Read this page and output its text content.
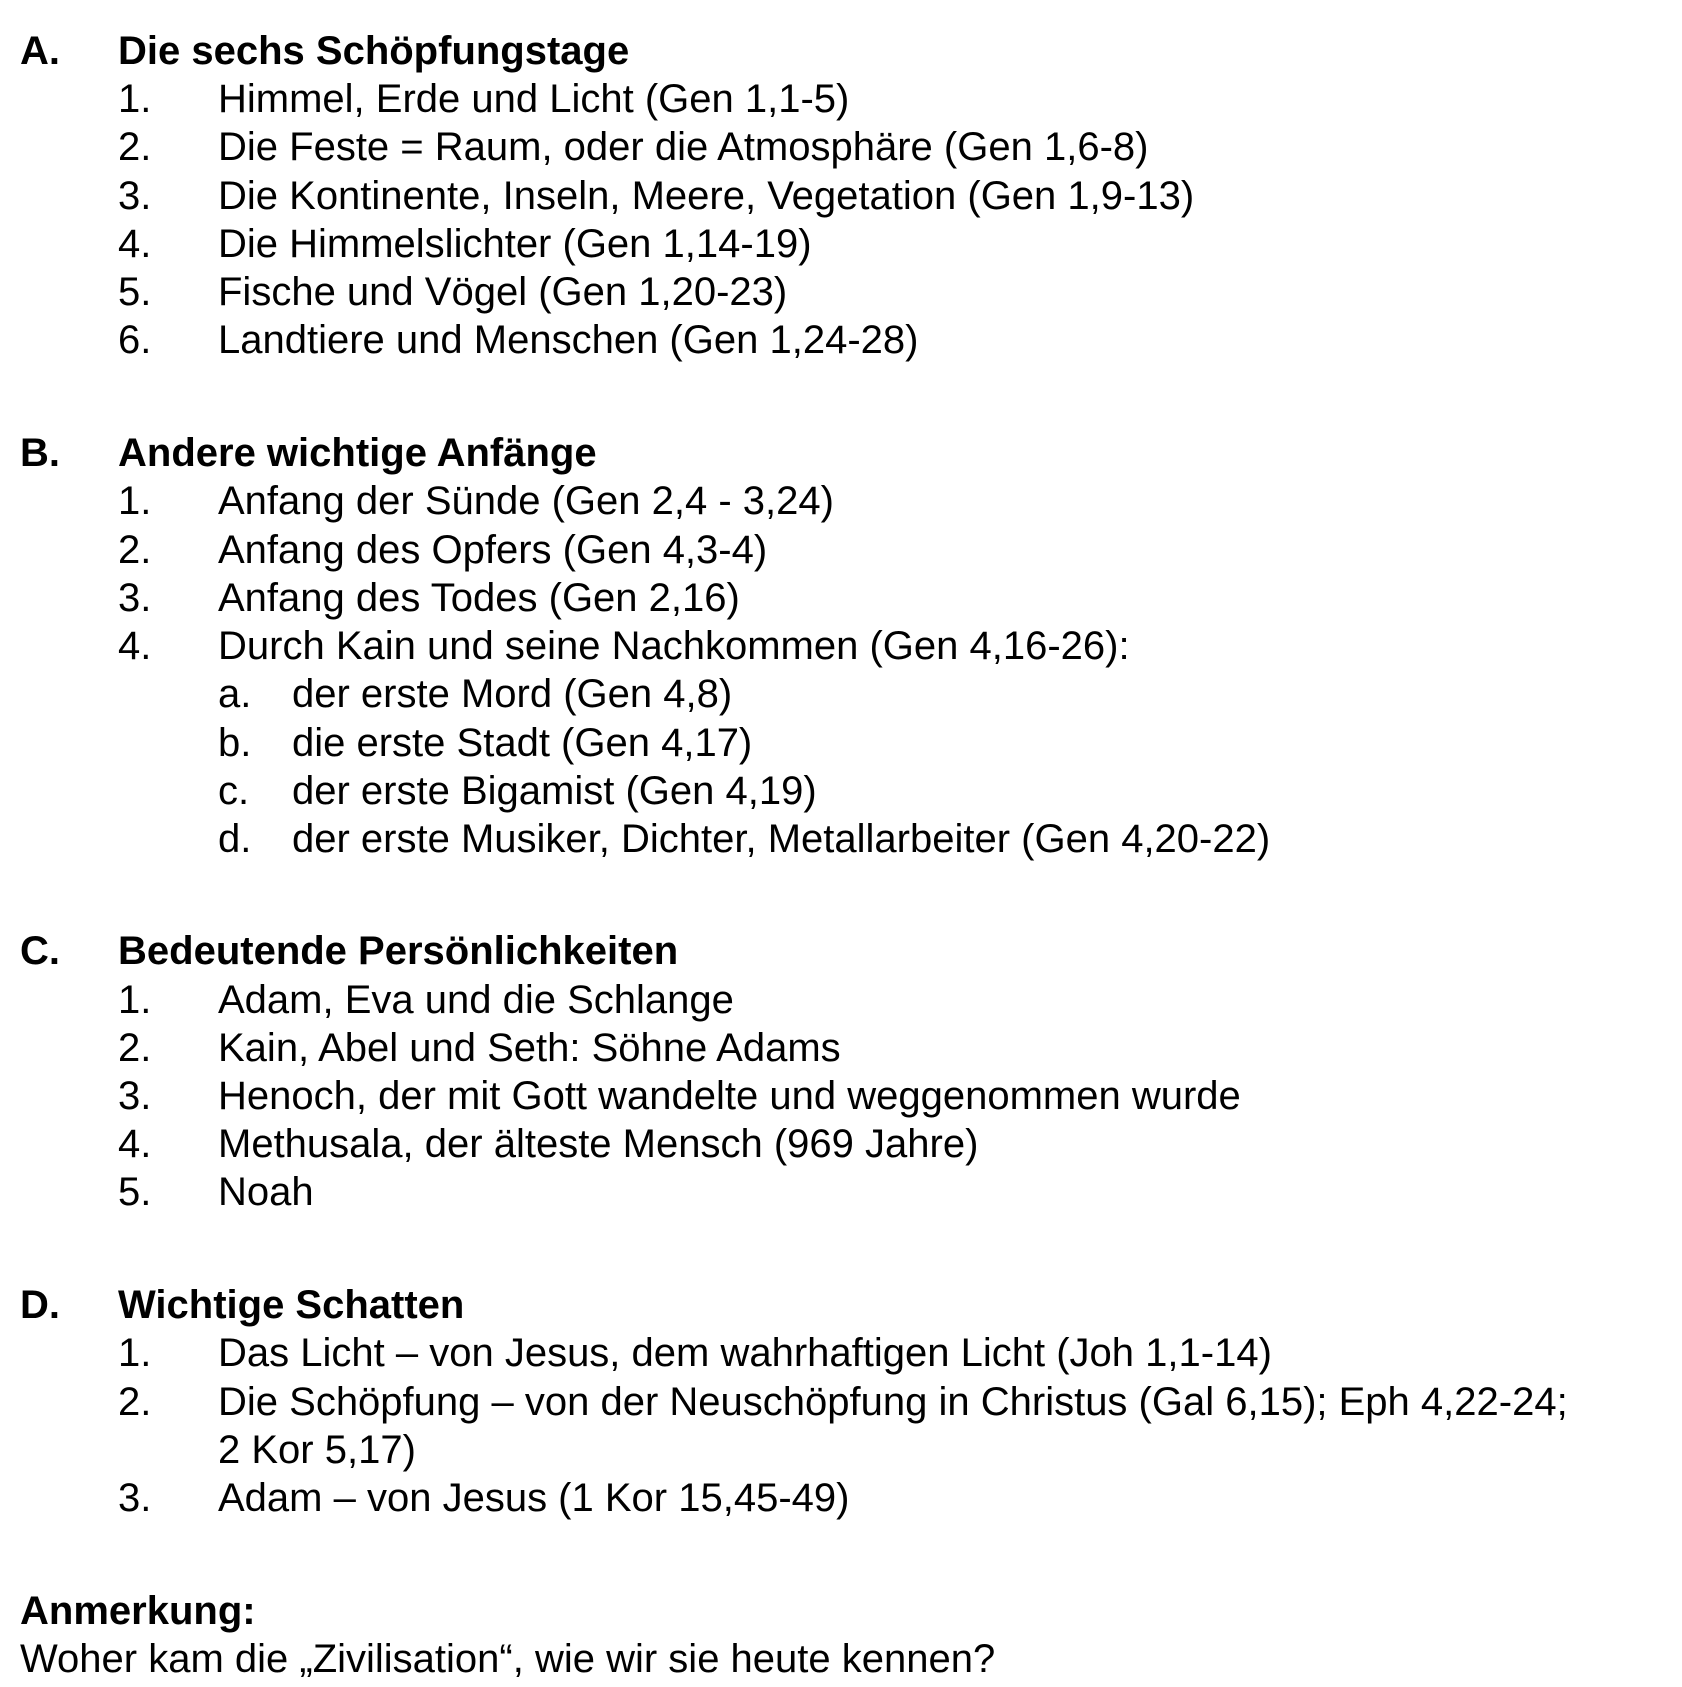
A. Die sechs Schöpfungstage
1. Himmel, Erde und Licht (Gen 1,1-5)
2. Die Feste = Raum, oder die Atmosphäre (Gen 1,6-8)
3. Die Kontinente, Inseln, Meere, Vegetation (Gen 1,9-13)
4. Die Himmelslichter (Gen 1,14-19)
5. Fische und Vögel (Gen 1,20-23)
6. Landtiere und Menschen (Gen 1,24-28)
B. Andere wichtige Anfänge
1. Anfang der Sünde (Gen 2,4 - 3,24)
2. Anfang des Opfers (Gen 4,3-4)
3. Anfang des Todes (Gen 2,16)
4. Durch Kain und seine Nachkommen (Gen 4,16-26):
a. der erste Mord (Gen 4,8)
b. die erste Stadt (Gen 4,17)
c. der erste Bigamist (Gen 4,19)
d. der erste Musiker, Dichter, Metallarbeiter (Gen 4,20-22)
C. Bedeutende Persönlichkeiten
1. Adam, Eva und die Schlange
2. Kain, Abel und Seth: Söhne Adams
3. Henoch, der mit Gott wandelte und weggenommen wurde
4. Methusala, der älteste Mensch (969 Jahre)
5. Noah
D. Wichtige Schatten
1. Das Licht – von Jesus, dem wahrhaftigen Licht (Joh 1,1-14)
2. Die Schöpfung – von der Neuschöpfung in Christus (Gal 6,15); Eph 4,22-24;
2 Kor 5,17)
3. Adam – von Jesus (1 Kor 15,45-49)
Anmerkung:
Woher kam die „Zivilisation“, wie wir sie heute kennen?
